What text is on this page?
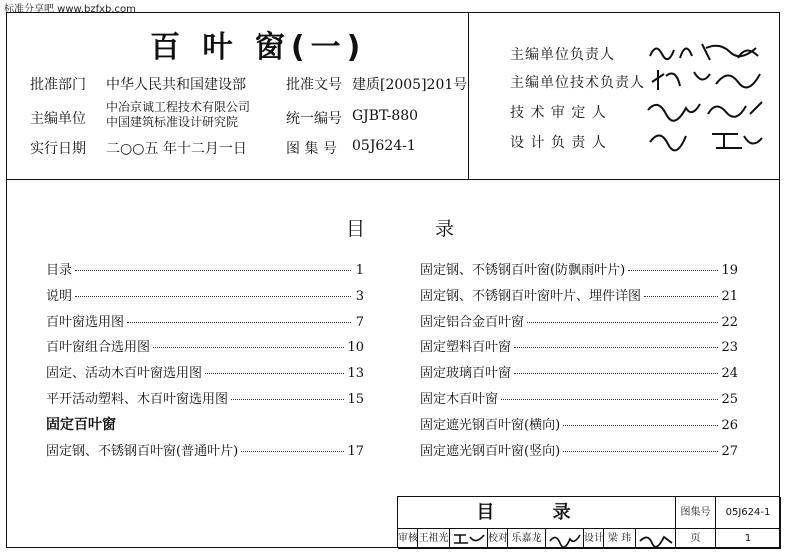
标准分享吧 www.bzfxb.com
百 叶 窗(一)
批准部门	中华人民共和国建设部	批准文号 建质[2005]201号
主编单位
中冶京诚工程技术有限公司
中国建筑标准设计研究院	统一编号 GJBT-880
实行日期	二○○五 年十二月一日	图 集 号	05J624-1
主编单位负责人
主编单位技术负责人
技 术 审 定 人
设 计 负 责 人
目 录
目录	1
说明	3
百叶窗选用图	7
百叶窗组合选用图	10
固定、活动木百叶窗选用图	13
平开活动塑料、木百叶窗选用图	15
固定百叶窗
固定钢、不锈钢百叶窗(普通叶片)	17
固定钢、不锈钢百叶窗(防飘雨叶片)	19
固定钢、不锈钢百叶窗叶片、埋件详图	21
固定铝合金百叶窗	22
固定塑料百叶窗	23
固定玻璃百叶窗	24
固定木百叶窗	25
固定遮光钢百叶窗(横向)	26
固定遮光钢百叶窗(竖向)	27
目 录	图集号	05J624-1
审核 王祖光	校对 乐嘉龙	设计 梁 玮	页	1
